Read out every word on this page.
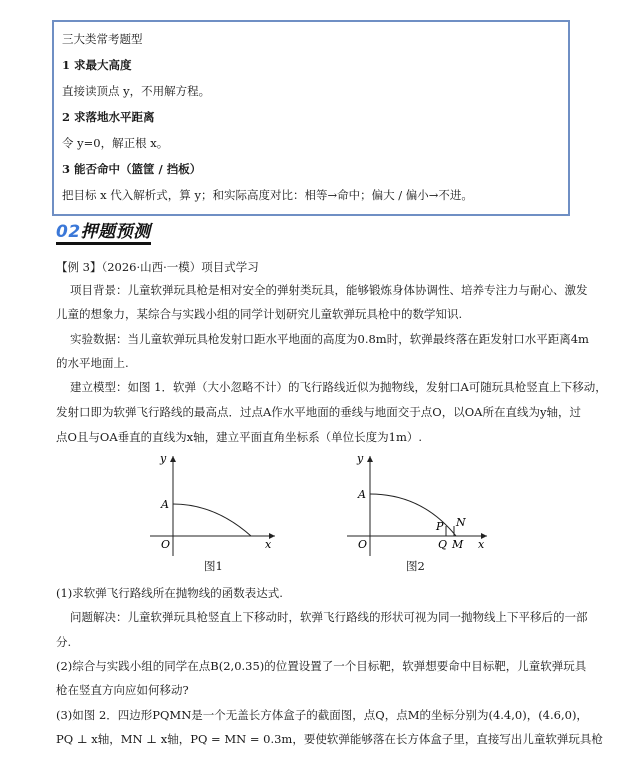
三大类常考题型
1 求最大高度
直接读顶点 y，不用解方程。
2 求落地水平距离
令 y=0，解正根 x。
3 能否命中（篮筐 / 挡板）
把目标 x 代入解析式，算 y；和实际高度对比：相等→命中；偏大 / 偏小→不进。
02押题预测
【例 3】（2026·山西·一模）项目式学习
项目背景：儿童软弹玩具枪是相对安全的弹射类玩具，能够锻炼身体协调性、培养专注力与耐心、激发
儿童的想象力，某综合与实践小组的同学计划研究儿童软弹玩具枪中的数学知识.
实验数据：当儿童软弹玩具枪发射口距水平地面的高度为0.8m时，软弹最终落在距发射口水平距离4m
的水平地面上.
建立模型：如图 1．软弹（大小忽略不计）的飞行路线近似为抛物线，发射口A可随玩具枪竖直上下移动，
发射口即为软弹飞行路线的最高点．过点A作水平地面的垂线与地面交于点O，以OA所在直线为y轴，过
点O且与OA垂直的直线为x轴，建立平面直角坐标系（单位长度为1m）.
y
x
A
O
图1
y
x
A
O
P N
Q M
图2
(1)求软弹飞行路线所在抛物线的函数表达式.
问题解决：儿童软弹玩具枪竖直上下移动时，软弹飞行路线的形状可视为同一抛物线上下平移后的一部
分.
(2)综合与实践小组的同学在点B(2,0.35)的位置设置了一个目标靶，软弹想要命中目标靶，儿童软弹玩具
枪在竖直方向应如何移动?
(3)如图 2．四边形PQMN是一个无盖长方体盒子的截面图，点Q，点M的坐标分别为(4.4,0)，(4.6,0)，
PQ ⊥ x轴，MN ⊥ x轴，PQ = MN = 0.3m，要使软弹能够落在长方体盒子里，直接写出儿童软弹玩具枪
